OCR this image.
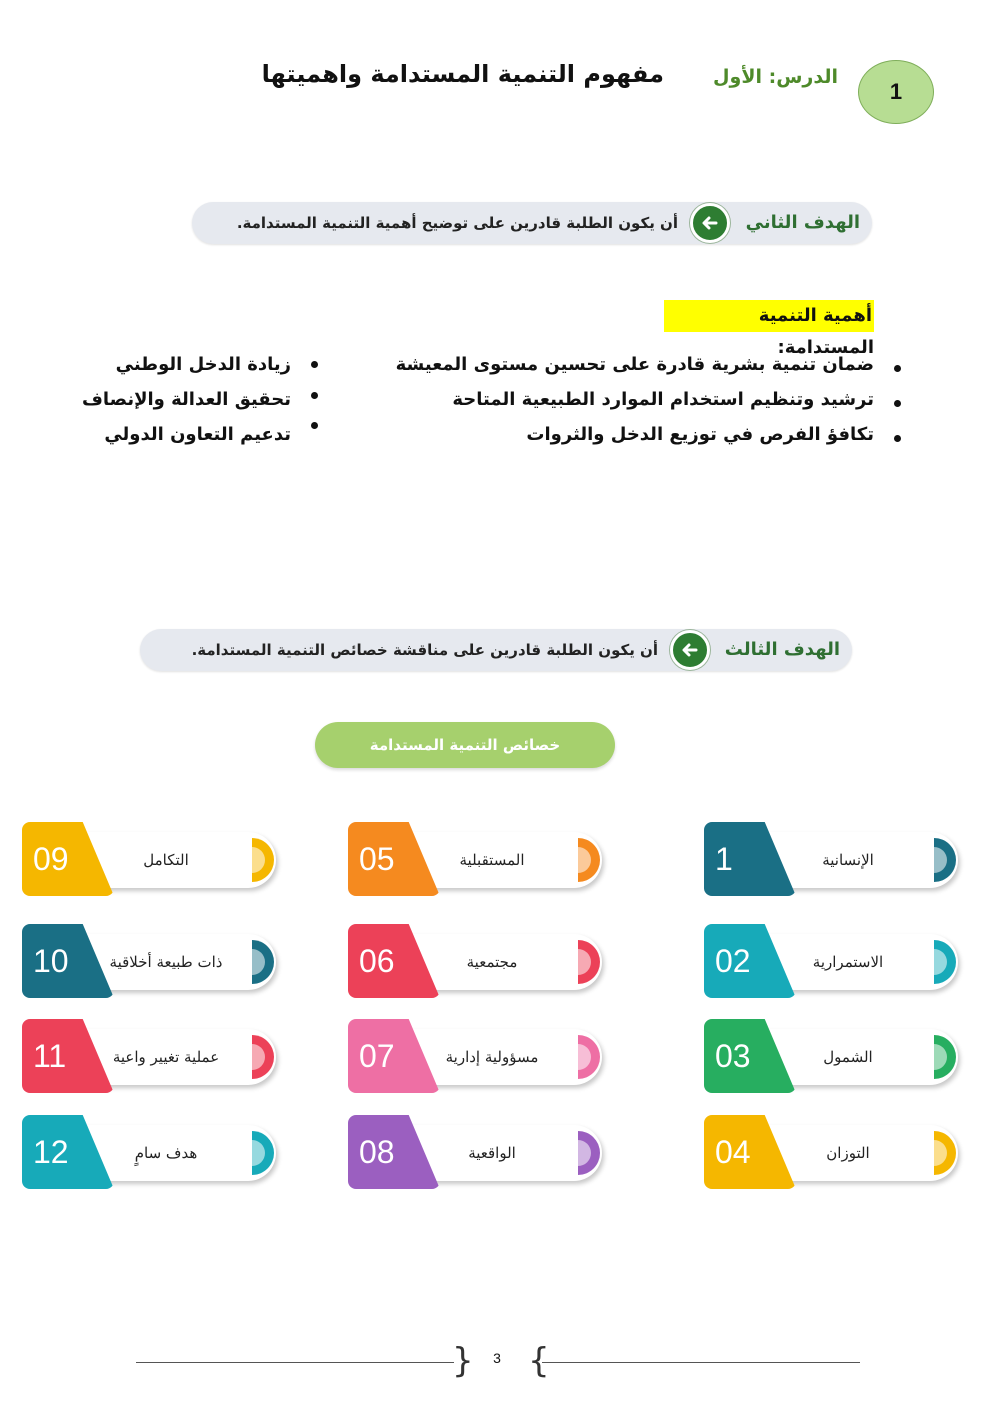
1
الدرس: الأول
مفهوم التنمية المستدامة واهميتها
الهدف الثاني
أن يكون الطلبة قادرين على توضيح أهمية التنمية المستدامة.
أهمية التنمية المستدامة:
ضمان تنمية بشرية قادرة على تحسين مستوى المعيشة
ترشيد وتنظيم استخدام الموارد الطبيعية المتاحة
تكافؤ الفرص في توزيع الدخل والثروات
زيادة الدخل الوطني
تحقيق العدالة والإنصاف
تدعيم التعاون الدولي
الهدف الثالث
أن يكون الطلبة قادرين على مناقشة خصائص التنمية المستدامة.
خصائص التنمية المستدامة
1	الإنسانية
02	الاستمرارية
03	الشمول
04	التوزان
05	المستقبلية
06	مجتمعية
07	مسؤولية إدارية
08	الواقعية
09	التكامل
10	ذات طبيعة أخلاقية
11	عملية تغيير واعية
12	هدف سامٍ
{ }
3
